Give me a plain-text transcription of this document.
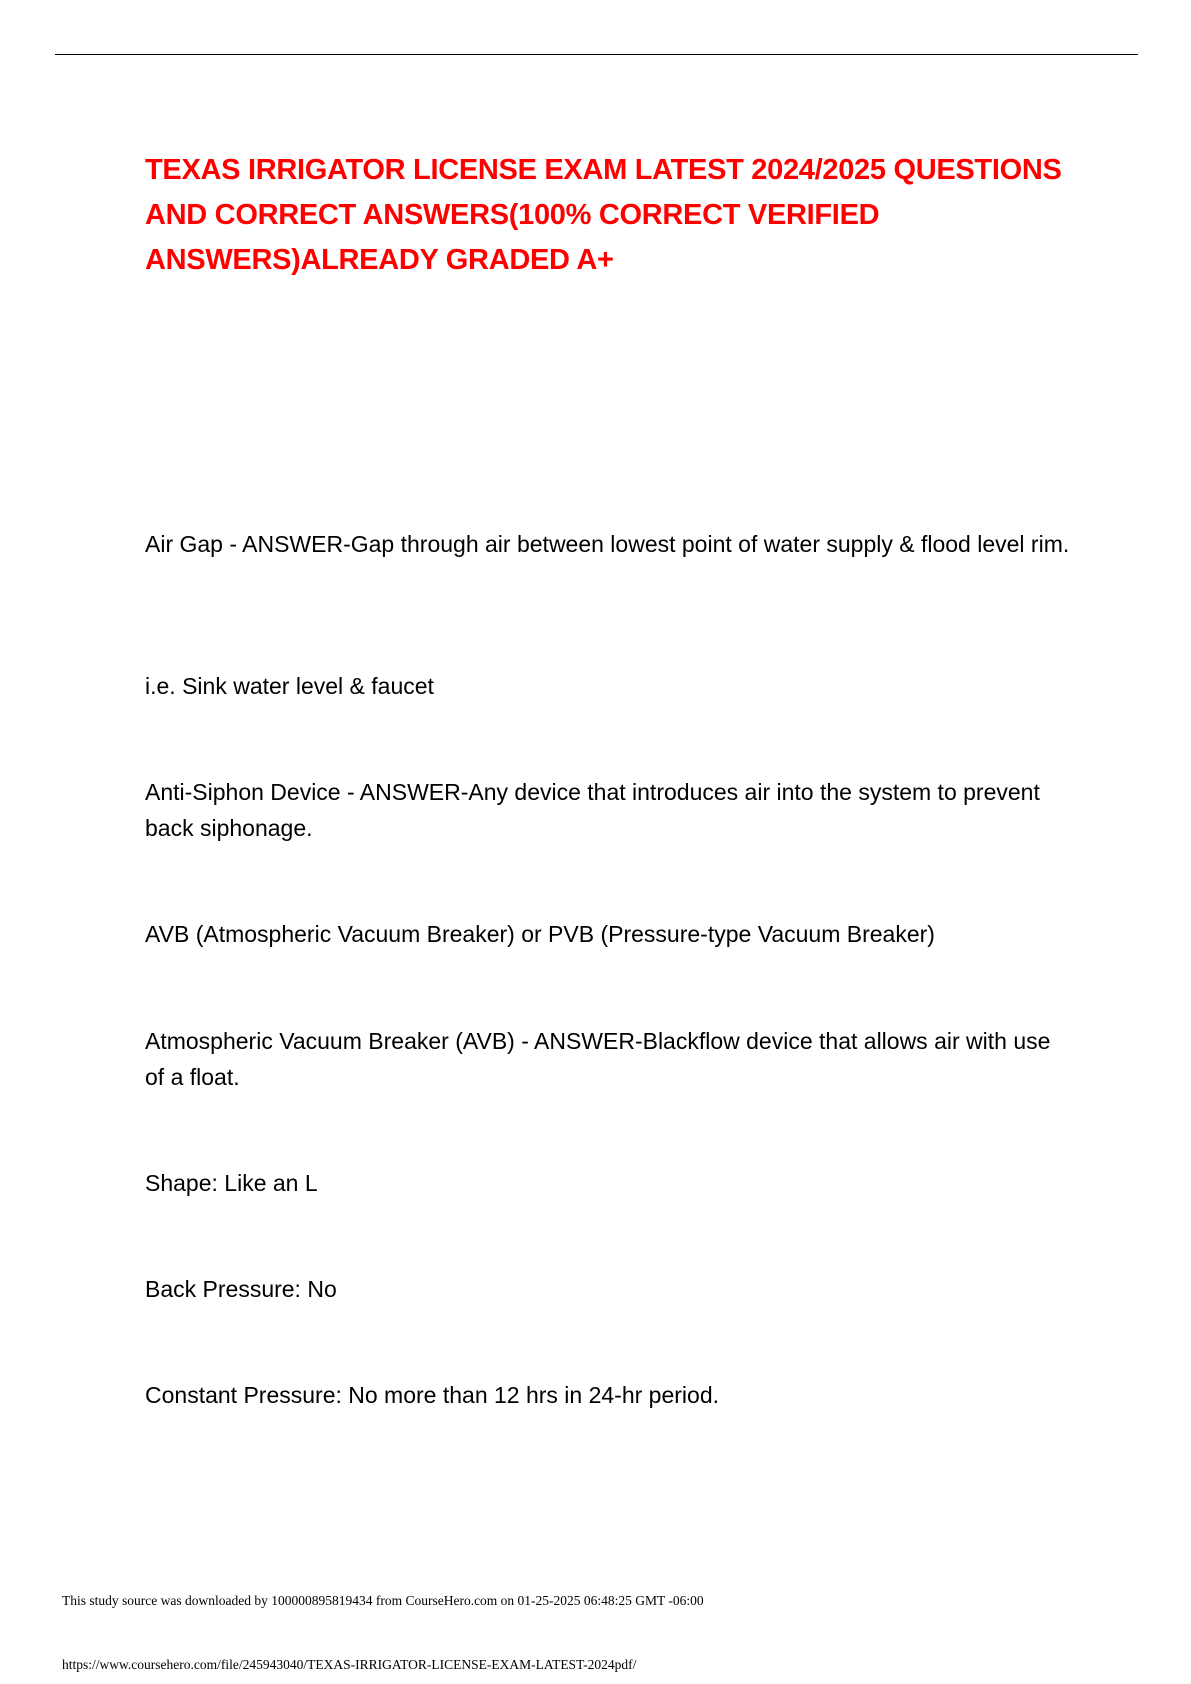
TEXAS IRRIGATOR LICENSE EXAM LATEST 2024/2025 QUESTIONS AND CORRECT ANSWERS(100% CORRECT VERIFIED ANSWERS)ALREADY GRADED A+

Air Gap - ANSWER-Gap through air between lowest point of water supply & flood level rim.

i.e. Sink water level & faucet

Anti-Siphon Device - ANSWER-Any device that introduces air into the system to prevent back siphonage.

AVB (Atmospheric Vacuum Breaker) or PVB (Pressure-type Vacuum Breaker)

Atmospheric Vacuum Breaker (AVB) - ANSWER-Blackflow device that allows air with use of a float.

Shape: Like an L

Back Pressure: No

Constant Pressure: No more than 12 hrs in 24-hr period.

This study source was downloaded by 100000895819434 from CourseHero.com on 01-25-2025 06:48:25 GMT -06:00

https://www.coursehero.com/file/245943040/TEXAS-IRRIGATOR-LICENSE-EXAM-LATEST-2024pdf/
